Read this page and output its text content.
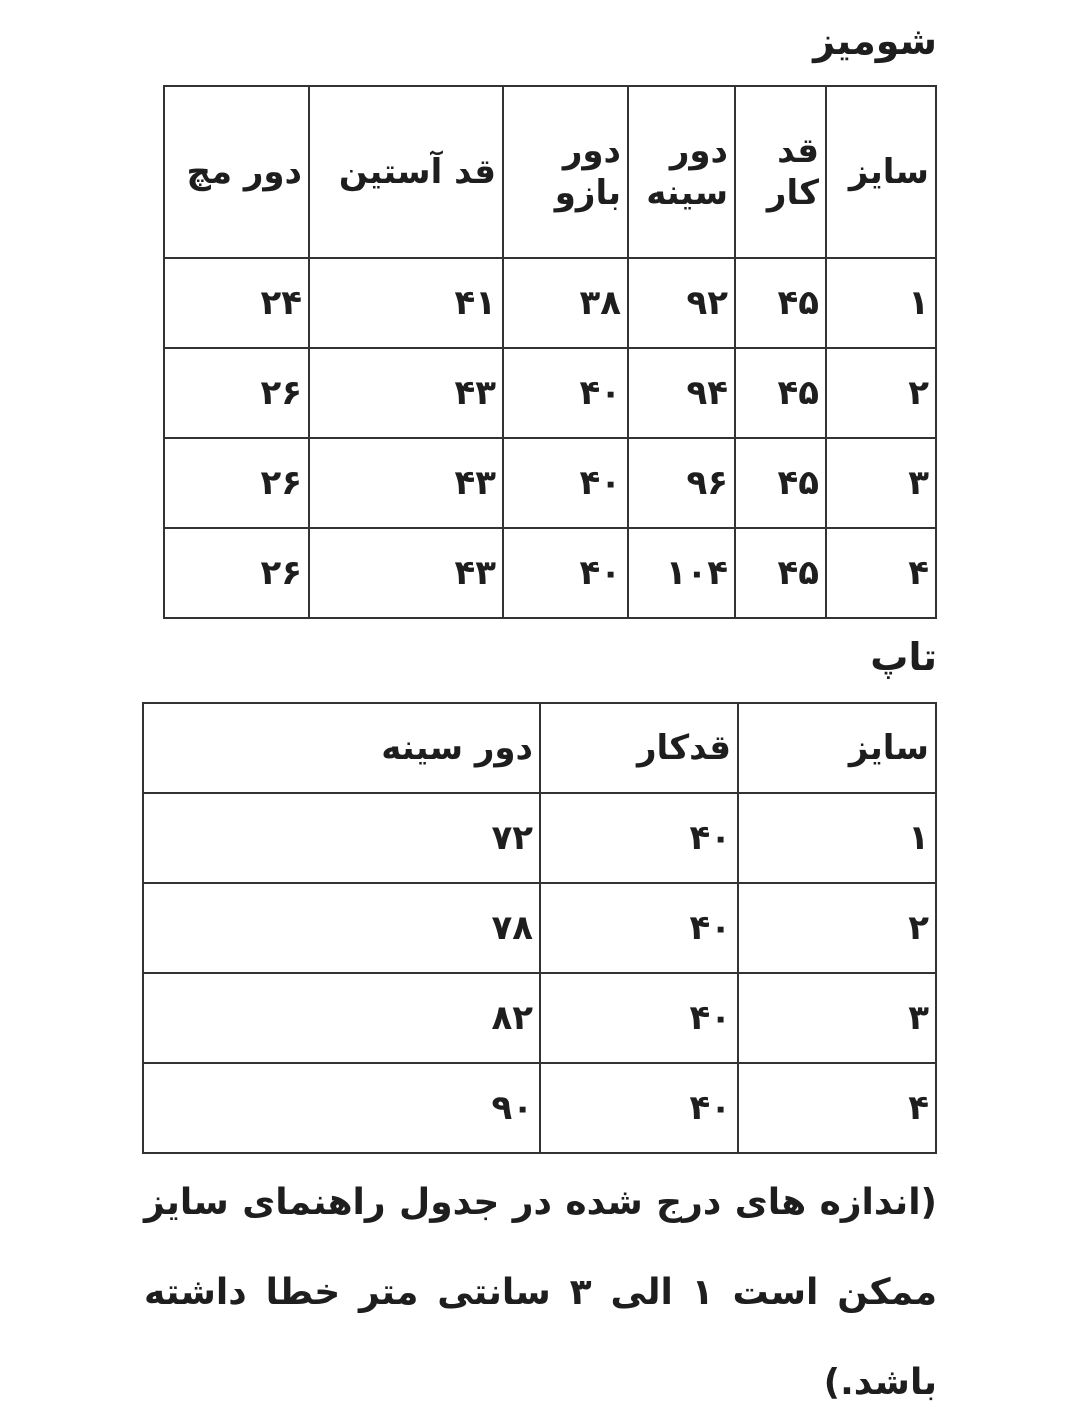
شومیز
سایز	قد کار	دور سینه	دور بازو	قد آستین	دور مچ
۱	۴۵	۹۲	۳۸	۴۱	۲۴
۲	۴۵	۹۴	۴۰	۴۳	۲۶
۳	۴۵	۹۶	۴۰	۴۳	۲۶
۴	۴۵	۱۰۴	۴۰	۴۳	۲۶
تاپ
سایز	قدکار	دور سینه
۱	۴۰	۷۲
۲	۴۰	۷۸
۳	۴۰	۸۲
۴	۴۰	۹۰

(اندازه های درج شده در جدول راهنمای سایز ممکن است ۱ الی ۳ سانتی متر خطا داشته باشد.)
